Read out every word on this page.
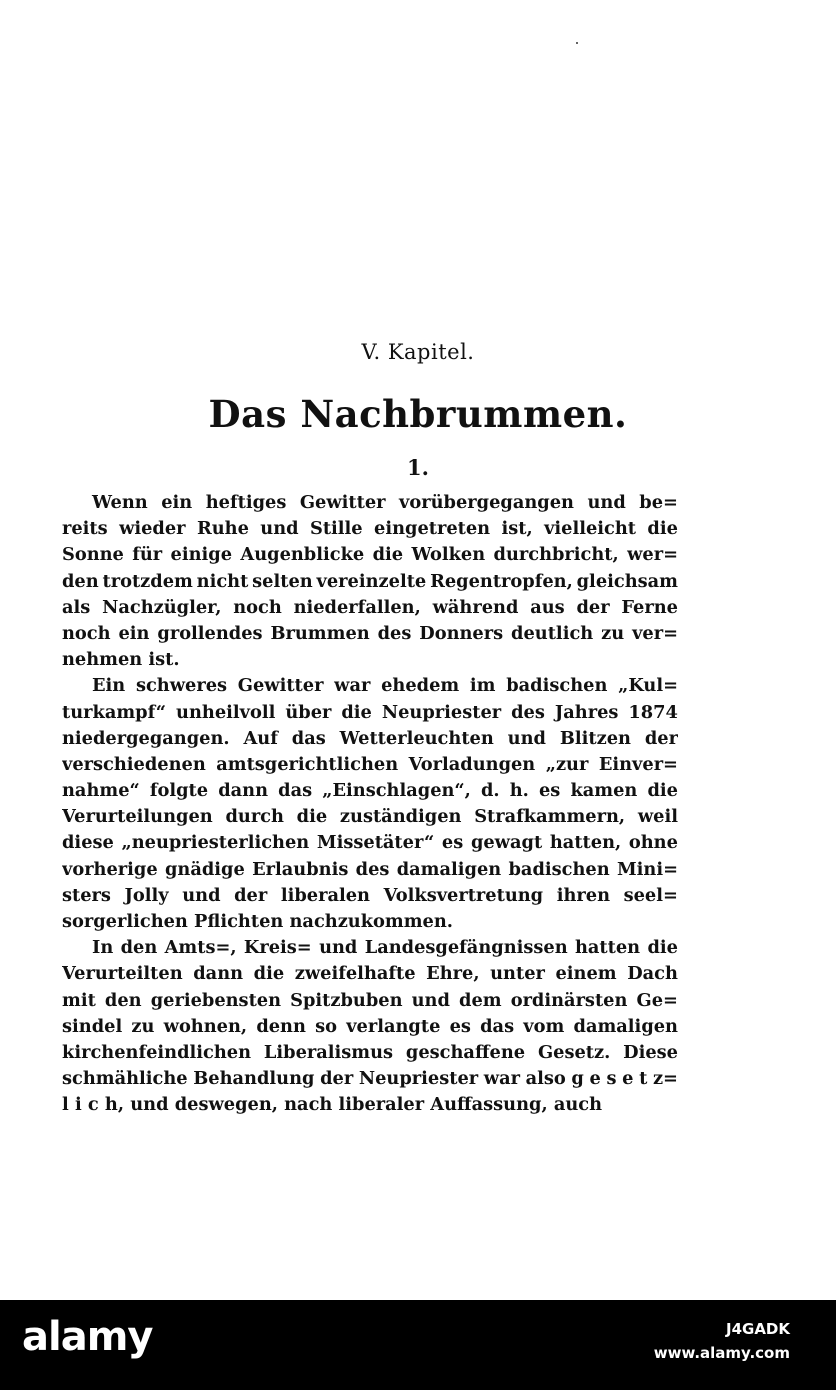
V. Kapitel.
Das Nachbrummen.
1.
Wenn ein heftiges Gewitter vorübergegangen und be=
reits wieder Ruhe und Stille eingetreten ist, vielleicht die
Sonne für einige Augenblicke die Wolken durchbricht, wer=
den trotzdem nicht selten vereinzelte Regentropfen, gleichsam
als Nachzügler, noch niederfallen, während aus der Ferne
noch ein grollendes Brummen des Donners deutlich zu ver=
nehmen ist.
Ein schweres Gewitter war ehedem im badischen „Kul=
turkampf“ unheilvoll über die Neupriester des Jahres 1874
niedergegangen. Auf das Wetterleuchten und Blitzen der
verschiedenen amtsgerichtlichen Vorladungen „zur Einver=
nahme“ folgte dann das „Einschlagen“, d. h. es kamen die
Verurteilungen durch die zuständigen Strafkammern, weil
diese „neupriesterlichen Missetäter“ es gewagt hatten, ohne
vorherige gnädige Erlaubnis des damaligen badischen Mini=
sters Jolly und der liberalen Volksvertretung ihren seel=
sorgerlichen Pflichten nachzukommen.
In den Amts=, Kreis= und Landesgefängnissen hatten die
Verurteilten dann die zweifelhafte Ehre, unter einem Dach
mit den geriebensten Spitzbuben und dem ordinärsten Ge=
sindel zu wohnen, denn so verlangte es das vom damaligen
kirchenfeindlichen Liberalismus geschaffene Gesetz. Diese
schmähliche Behandlung der Neupriester war also g e s e t z=
l i c h, und deswegen, nach liberaler Auffassung, auch
alamy	J4GADK
www.alamy.com
